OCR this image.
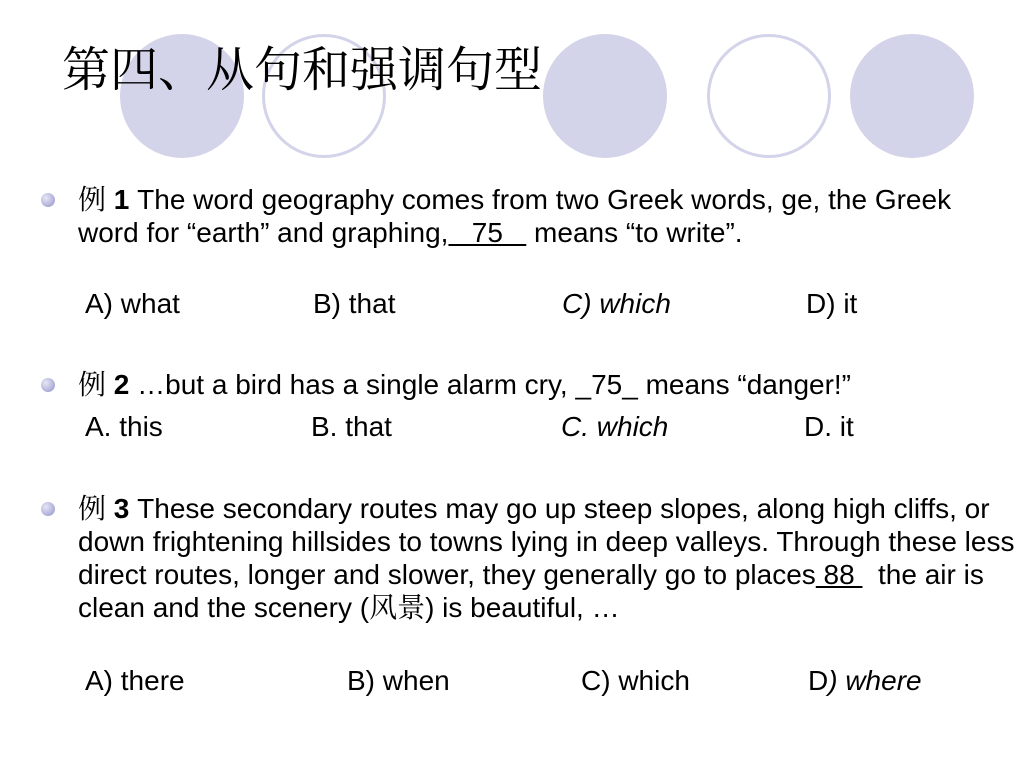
第四、从句和强调句型
例 1 The word geography comes from two Greek words, ge, the Greek word for “earth” and graphing,   75    means “to write”.
A) what	B) that	C) which	D) it
例 2 …but a bird has a single alarm cry, _75_ means “danger!”
A. this	B. that	C. which	D. it
例 3 These secondary routes may go up steep slopes, along high cliffs, or down frightening hillsides to towns lying in deep valleys. Through these less direct routes, longer and slower, they generally go to places 88   the air is clean and the scenery (风景) is beautiful, …
A) there	B) when	C) which	D) where
